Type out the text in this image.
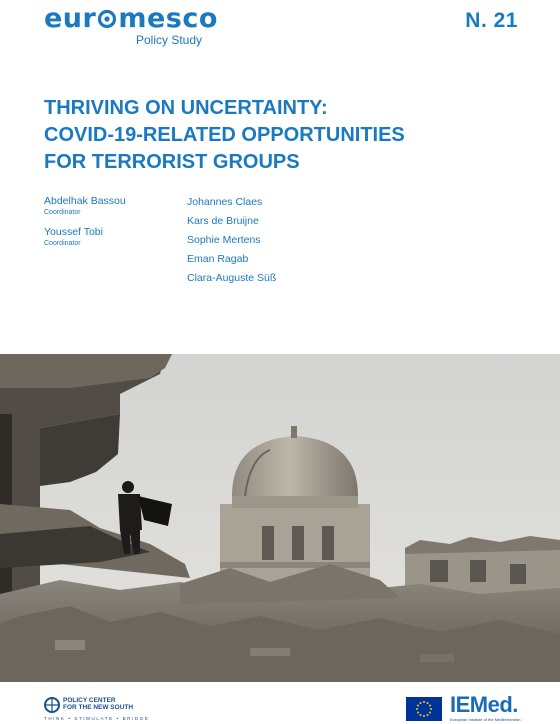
eur mesco
Policy Study
N. 21
THRIVING ON UNCERTAINTY:
COVID-19-RELATED OPPORTUNITIES
FOR TERRORIST GROUPS
Abdelhak Bassou
Coordinator
Youssef Tobi
Coordinator
Johannes Claes
Kars de Bruijne
Sophie Mertens
Eman Ragab
Clara-Auguste Süß
POLICY CENTER
FOR THE NEW SOUTH
THINK • STIMULATE • BRIDGE
IEMed.
European Institute of the Mediterranean
